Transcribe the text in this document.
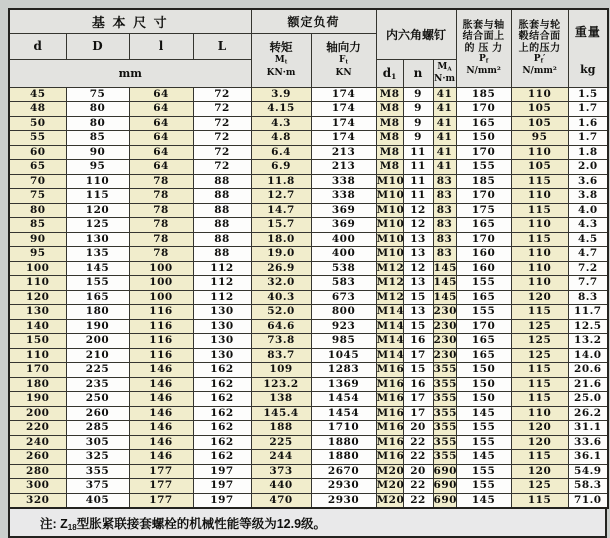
基 本 尺 寸				额定负荷		内六角螺钉			胀套与轴
结合面上
的 压 力
$P_f$
N/mm²	胀套与轮
毂结合面
上的压力
$P_f'$
N/mm²	重量
kg

d	D	l	L	转矩
$M_t$
KN·m	轴向力
$F_t$
KN						

mm						$d_1$	n	$M_A$
N·m			

45	75	64	72	3.9	174	M8	9	41	185	110	1.5
48	80	64	72	4.15	174	M8	9	41	170	105	1.7
50	80	64	72	4.3	174	M8	9	41	165	105	1.6
55	85	64	72	4.8	174	M8	9	41	150	95	1.7
60	90	64	72	6.4	213	M8	11	41	170	110	1.8
65	95	64	72	6.9	213	M8	11	41	155	105	2.0
70	110	78	88	11.8	338	M10	11	83	185	115	3.6
75	115	78	88	12.7	338	M10	11	83	170	110	3.8
80	120	78	88	14.7	369	M10	12	83	175	115	4.0
85	125	78	88	15.7	369	M10	12	83	165	110	4.3
90	130	78	88	18.0	400	M10	13	83	170	115	4.5
95	135	78	88	19.0	400	M10	13	83	160	110	4.7
100	145	100	112	26.9	538	M12	12	145	160	110	7.2
110	155	100	112	32.0	583	M12	13	145	155	110	7.7
120	165	100	112	40.3	673	M12	15	145	165	120	8.3
130	180	116	130	52.0	800	M14	13	230	155	115	11.7
140	190	116	130	64.6	923	M14	15	230	170	125	12.5
150	200	116	130	73.8	985	M14	16	230	165	125	13.2
110	210	116	130	83.7	1045	M14	17	230	165	125	14.0
170	225	146	162	109	1283	M16	15	355	150	115	20.6
180	235	146	162	123.2	1369	M16	16	355	150	115	21.6
190	250	146	162	138	1454	M16	17	355	150	115	25.0
200	260	146	162	145.4	1454	M16	17	355	145	110	26.2
220	285	146	162	188	1710	M16	20	355	155	120	31.1
240	305	146	162	225	1880	M16	22	355	155	120	33.6
260	325	146	162	244	1880	M16	22	355	145	115	36.1
280	355	177	197	373	2670	M20	20	690	155	120	54.9
300	375	177	197	440	2930	M20	22	690	155	125	58.3
320	405	177	197	470	2930	M20	22	690	145	115	71.0
注: $Z_{18}$型胀紧联接套螺栓的机械性能等级为12.9级。
